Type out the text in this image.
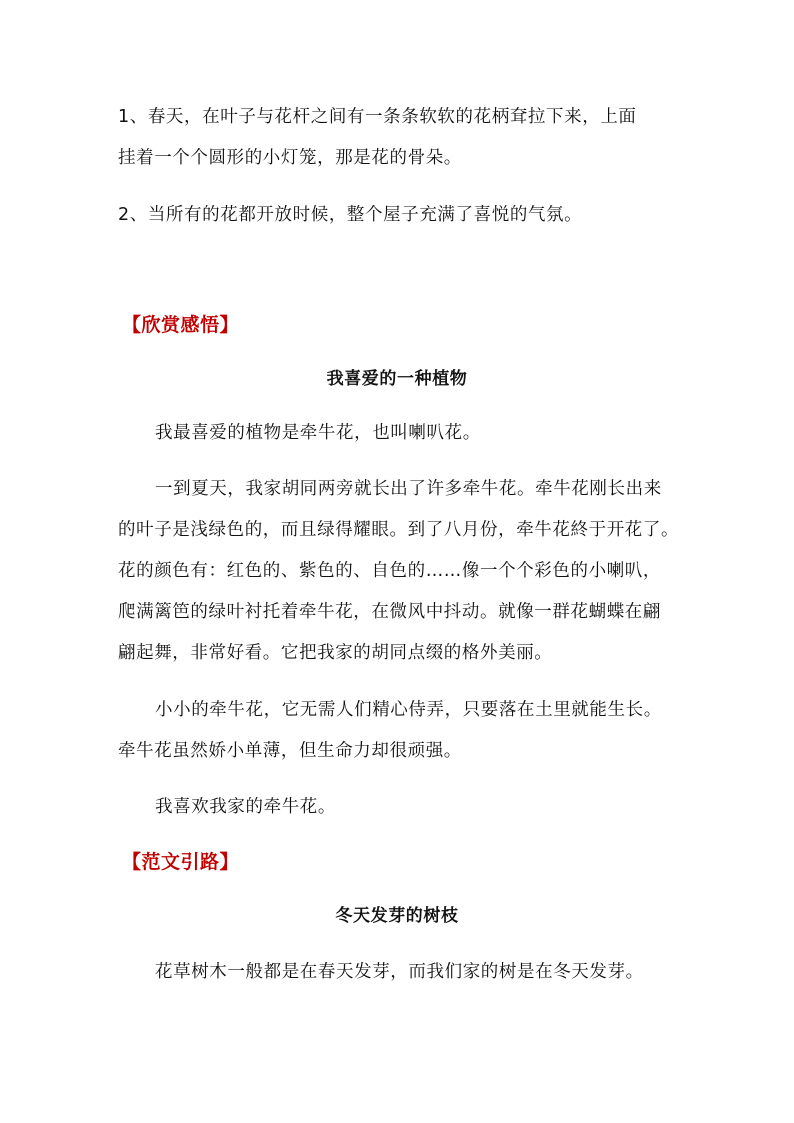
1、春天，在叶子与花杆之间有一条条软软的花柄耷拉下来，上面

挂着一个个圆形的小灯笼，那是花的骨朵。

2、当所有的花都开放时候，整个屋子充满了喜悦的气氛。

【欣赏感悟】
我喜爱的一种植物

我最喜爱的植物是牵牛花，也叫喇叭花。

一到夏天，我家胡同两旁就长出了许多牵牛花。牵牛花刚长出来

的叶子是浅绿色的，而且绿得耀眼。到了八月份，牵牛花終于开花了。

花的颜色有：红色的、紫色的、自色的……像一个个彩色的小喇叭，

爬满篱笆的绿叶衬托着牵牛花，在微风中抖动。就像一群花蝴蝶在翩

翩起舞，非常好看。它把我家的胡同点缀的格外美丽。

小小的牵牛花，它无需人们精心侍弄，只要落在土里就能生长。

牵牛花虽然娇小单薄，但生命力却很顽强。

我喜欢我家的牵牛花。

【范文引路】
冬天发芽的树枝

花草树木一般都是在春天发芽，而我们家的树是在冬天发芽。
